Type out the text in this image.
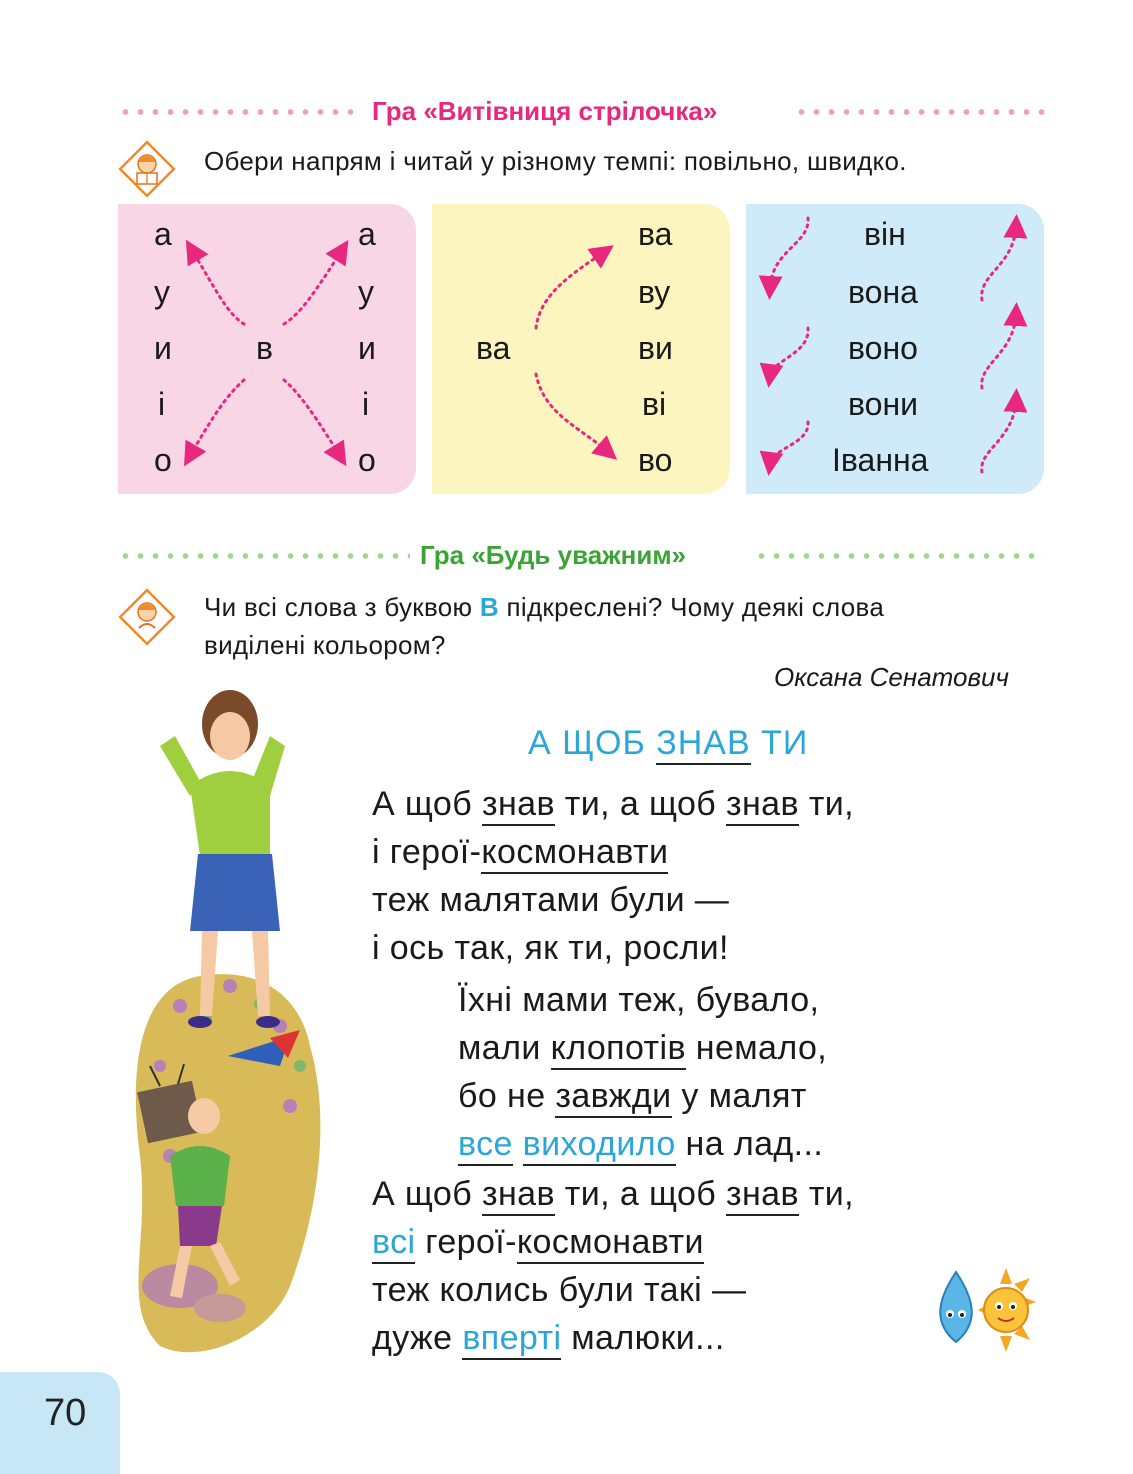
Гра «Витівниця стрілочка»
Обери напрям і читай у різному темпі: повільно, швидко.
а
у
и
і
о
в
а
у
и
і
о
ва
ва
ву
ви
ві
во
він
вона
воно
вони
Іванна
Гра «Будь уважним»
Чи всі слова з буквою В підкреслені? Чому деякі слова
виділені кольором?
Оксана Сенатович
А ЩОБ ЗНАВ ТИ
А щоб знав ти, а щоб знав ти,
і герої-космонавти
теж малятами були —
і ось так, як ти, росли!
Їхні мами теж, бувало,
мали клопотів немало,
бо не завжди у малят
все виходило на лад...
А щоб знав ти, а щоб знав ти,
всі герої-космонавти
теж колись були такі —
дуже вперті малюки...
70
